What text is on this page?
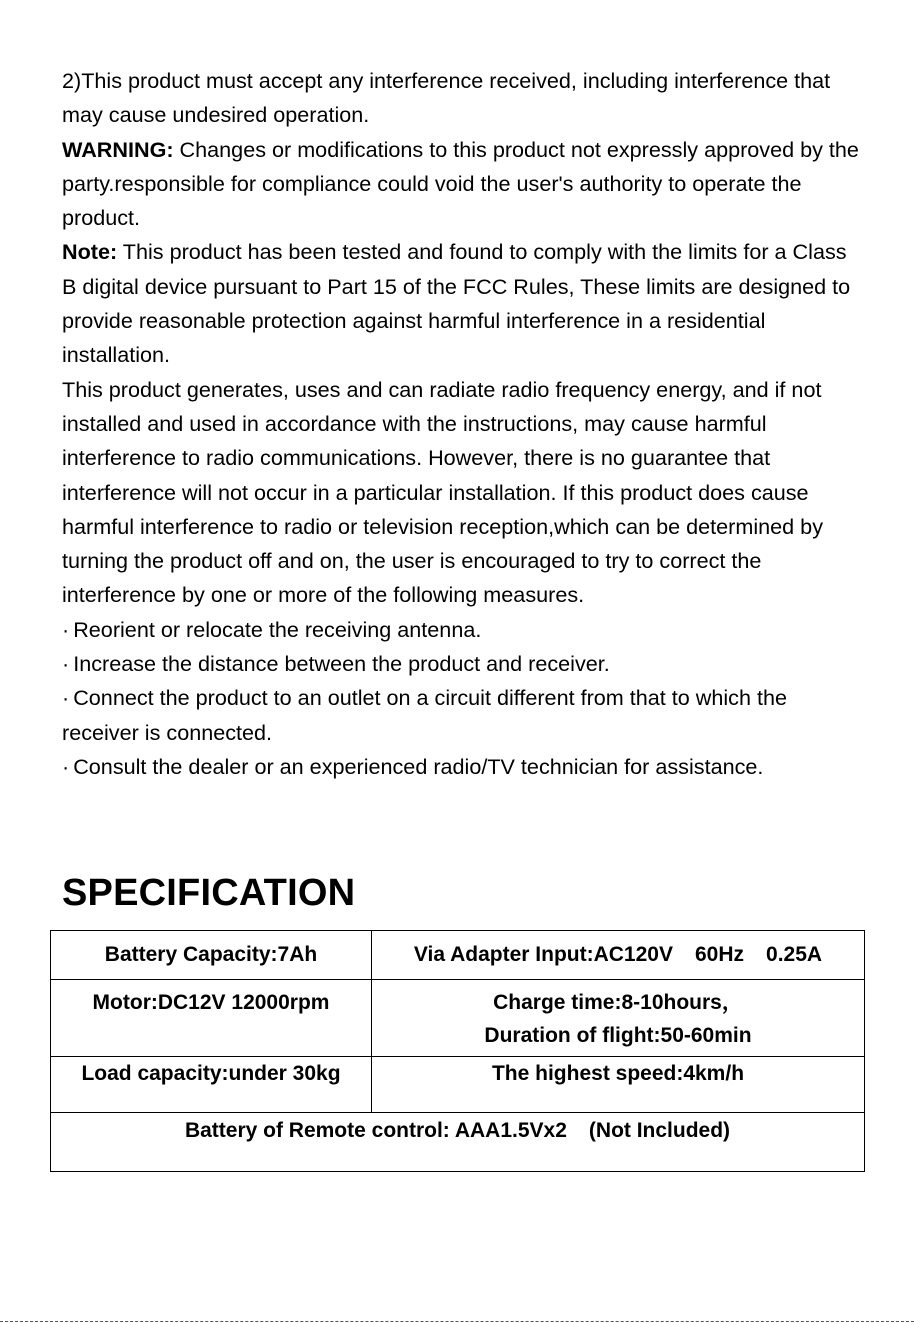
2)This product must accept any interference received, including interference that may cause undesired operation.

WARNING: Changes or modifications to this product not expressly approved by the party.responsible for compliance could void the user's authority to operate the product.

Note: This product has been tested and found to comply with the limits for a Class B digital device pursuant to Part 15 of the FCC Rules, These limits are designed to provide reasonable protection against harmful interference in a residential installation.

This product generates, uses and can radiate radio frequency energy, and if not installed and used in accordance with the instructions, may cause harmful interference to radio communications. However, there is no guarantee that interference will not occur in a particular installation. If this product does cause harmful interference to radio or television reception,which can be determined by turning the product off and on, the user is encouraged to try to correct the interference by one or more of the following measures.

· Reorient or relocate the receiving antenna.
· Increase the distance between the product and receiver.
· Connect the product to an outlet on a circuit different from that to which the receiver is connected.
· Consult the dealer or an experienced radio/TV technician for assistance.
SPECIFICATION
Battery Capacity:7Ah	Via Adapter Input:AC120V 60Hz 0.25A
Motor:DC12V 12000rpm	Charge time:8-10hours，
Duration of flight:50-60min

Load capacity:under 30kg	The highest speed:4km/h
Battery of Remote control: AAA1.5Vx2 (Not Included)	
